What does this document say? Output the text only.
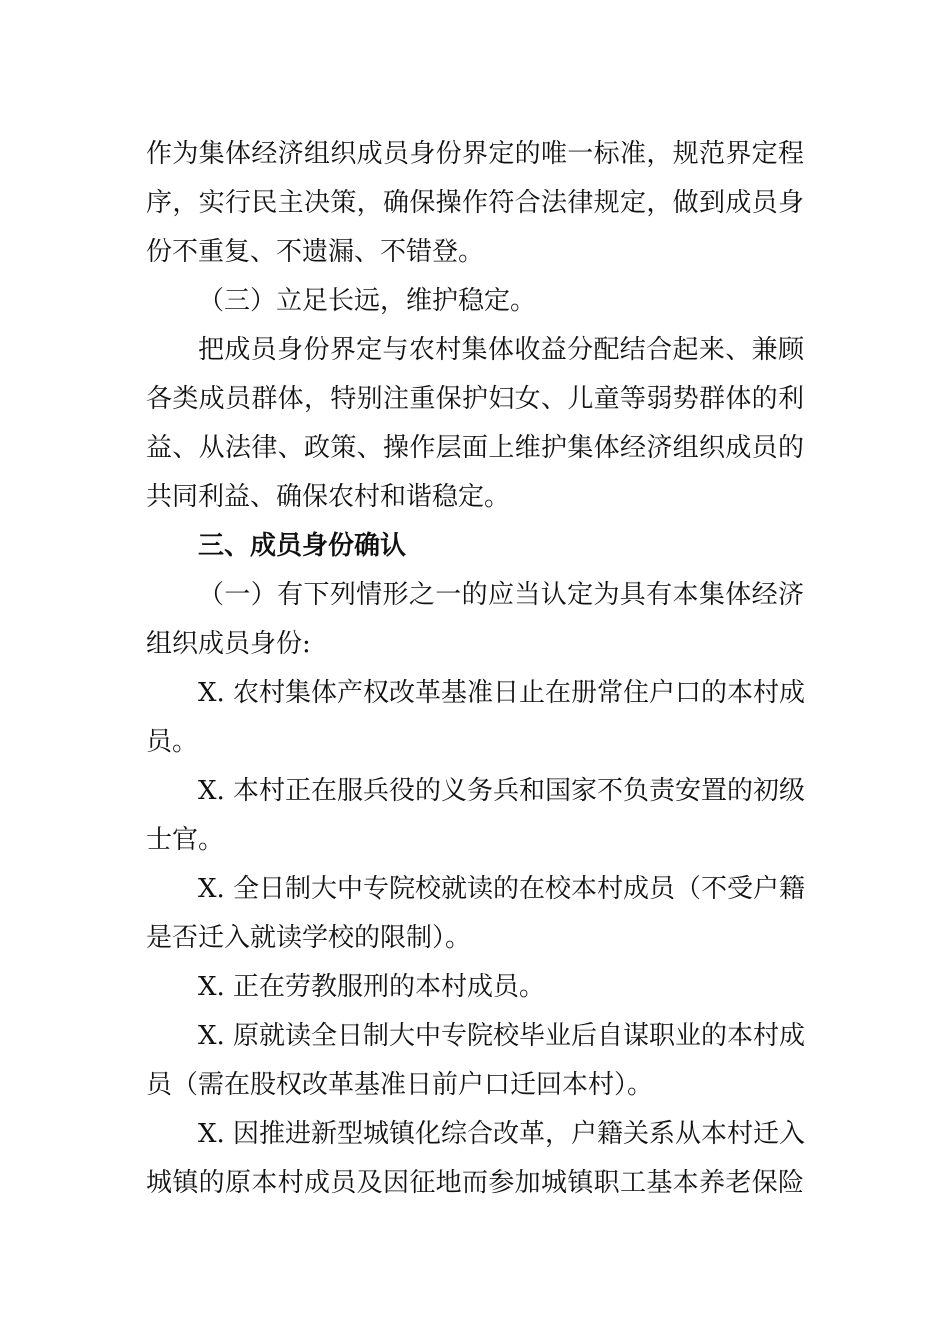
作为集体经济组织成员身份界定的唯一标准，规范界定程
序，实行民主决策，确保操作符合法律规定，做到成员身
份不重复、不遗漏、不错登。
（三）立足长远，维护稳定。
把成员身份界定与农村集体收益分配结合起来、兼顾
各类成员群体，特别注重保护妇女、儿童等弱势群体的利
益、从法律、政策、操作层面上维护集体经济组织成员的
共同利益、确保农村和谐稳定。
三、成员身份确认
（一）有下列情形之一的应当认定为具有本集体经济
组织成员身份:
X. 农村集体产权改革基准日止在册常住户口的本村成
员。
X. 本村正在服兵役的义务兵和国家不负责安置的初级
士官。
X. 全日制大中专院校就读的在校本村成员（不受户籍
是否迁入就读学校的限制）。
X. 正在劳教服刑的本村成员。
X. 原就读全日制大中专院校毕业后自谋职业的本村成
员（需在股权改革基准日前户口迁回本村）。
X. 因推进新型城镇化综合改革，户籍关系从本村迁入
城镇的原本村成员及因征地而参加城镇职工基本养老保险
